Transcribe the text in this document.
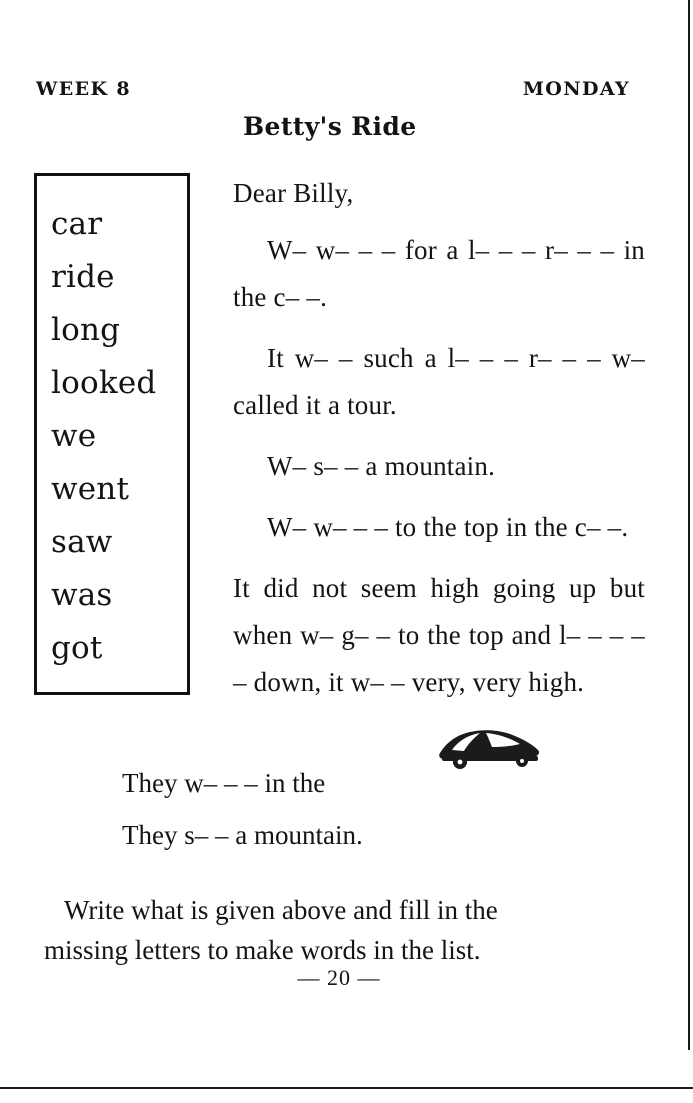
WEEK 8	MONDAY
Betty's Ride
car
ride
long
looked
we
went
saw
was
got

Dear Billy,

W– w– – – for a l– – – r– – – in the c– –.

It w– – such a l– – – r– – – w– called it a tour.

W– s– – a mountain.

W– w– – – to the top in the c– –.

It did not seem high going up but when w– g– – to the top and l– – – – – down, it w– – very, very high.

They w– – – in the
They s– – a mountain.
Write what is given above and fill in the
missing letters to make words in the list.
— 20 —
